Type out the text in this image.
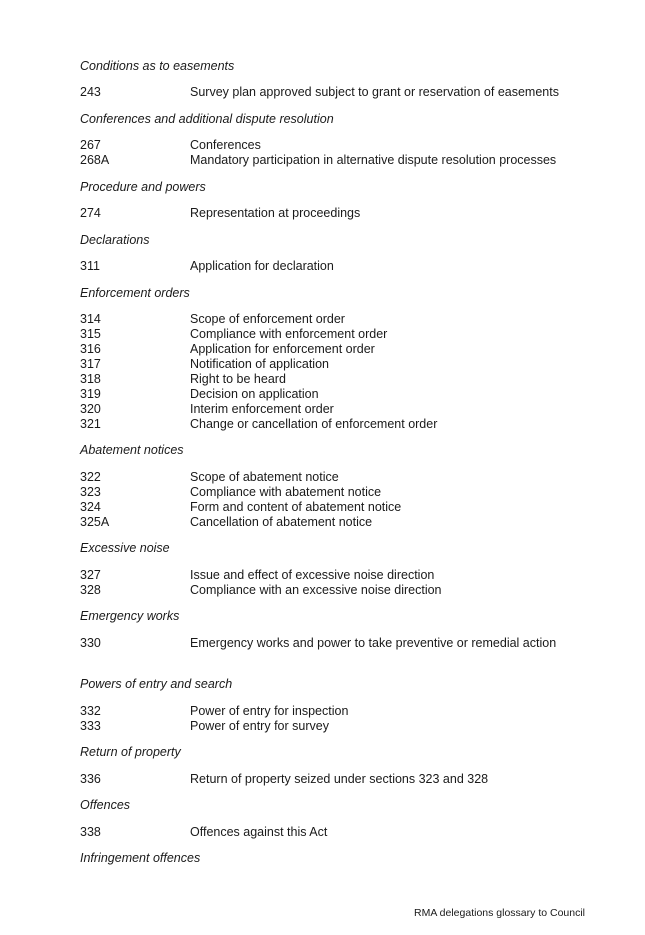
Conditions as to easements
Conferences and additional dispute resolution
Procedure and powers
Declarations
Enforcement orders
Abatement notices
Excessive noise
Emergency works
Powers of entry and search
Return of property
Offences
Infringement offences
243	Survey plan approved subject to grant or reservation of easements
267	Conferences
268A	Mandatory participation in alternative dispute resolution processes
274	Representation at proceedings
311	Application for declaration
314	Scope of enforcement order
315	Compliance with enforcement order
316	Application for enforcement order
317	Notification of application
318	Right to be heard
319	Decision on application
320	Interim enforcement order
321	Change or cancellation of enforcement order
322	Scope of abatement notice
323	Compliance with abatement notice
324	Form and content of abatement notice
325A	Cancellation of abatement notice
327	Issue and effect of excessive noise direction
328	Compliance with an excessive noise direction
330	Emergency works and power to take preventive or remedial action
332	Power of entry for inspection
333	Power of entry for survey
336	Return of property seized under sections 323 and 328
338	Offences against this Act
RMA delegations glossary to Council
